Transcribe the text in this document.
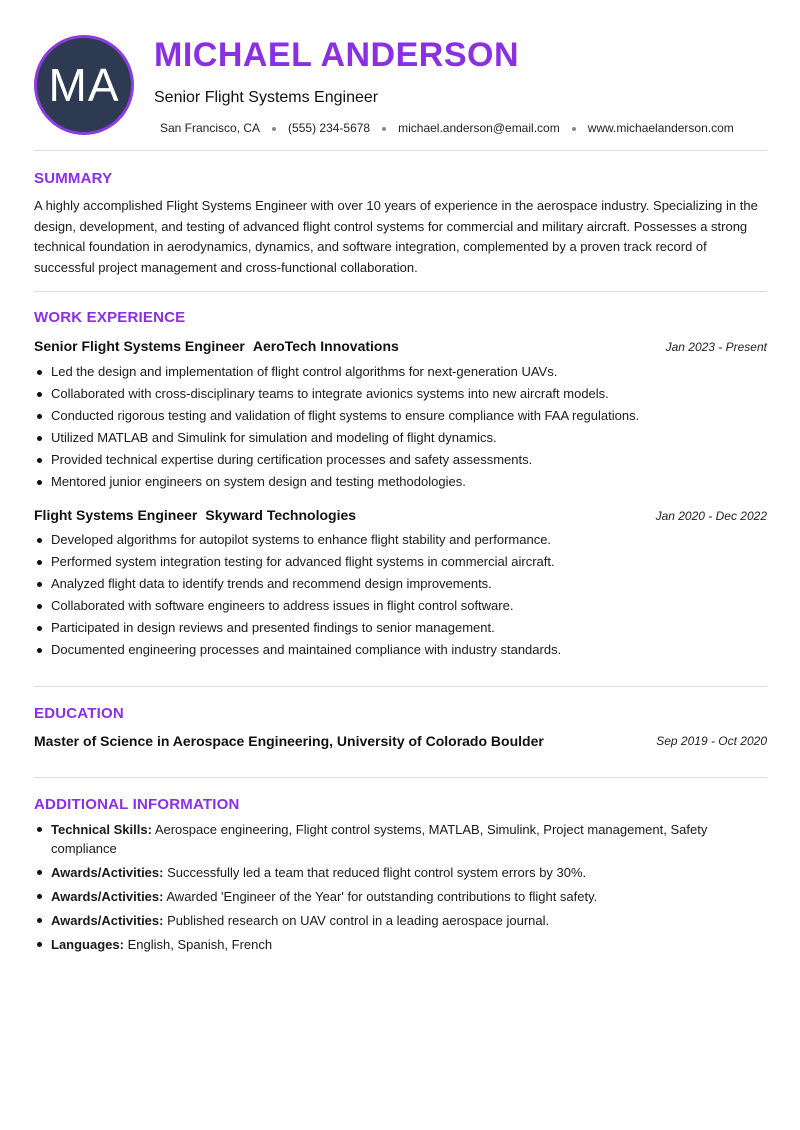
MA
MICHAEL ANDERSON
Senior Flight Systems Engineer
San Francisco, CA (555) 234-5678 michael.anderson@email.com www.michaelanderson.com
SUMMARY
A highly accomplished Flight Systems Engineer with over 10 years of experience in the aerospace industry. Specializing in the design, development, and testing of advanced flight control systems for commercial and military aircraft. Possesses a strong technical foundation in aerodynamics, dynamics, and software integration, complemented by a proven track record of successful project management and cross-functional collaboration.
WORK EXPERIENCE
Senior Flight Systems Engineer AeroTech Innovations	Jan 2023 - Present
Led the design and implementation of flight control algorithms for next-generation UAVs.
Collaborated with cross-disciplinary teams to integrate avionics systems into new aircraft models.
Conducted rigorous testing and validation of flight systems to ensure compliance with FAA regulations.
Utilized MATLAB and Simulink for simulation and modeling of flight dynamics.
Provided technical expertise during certification processes and safety assessments.
Mentored junior engineers on system design and testing methodologies.
Flight Systems Engineer Skyward Technologies	Jan 2020 - Dec 2022
Developed algorithms for autopilot systems to enhance flight stability and performance.
Performed system integration testing for advanced flight systems in commercial aircraft.
Analyzed flight data to identify trends and recommend design improvements.
Collaborated with software engineers to address issues in flight control software.
Participated in design reviews and presented findings to senior management.
Documented engineering processes and maintained compliance with industry standards.
EDUCATION
Master of Science in Aerospace Engineering, University of Colorado Boulder	Sep 2019 - Oct 2020
ADDITIONAL INFORMATION
Technical Skills: Aerospace engineering, Flight control systems, MATLAB, Simulink, Project management, Safety compliance
Awards/Activities: Successfully led a team that reduced flight control system errors by 30%.
Awards/Activities: Awarded 'Engineer of the Year' for outstanding contributions to flight safety.
Awards/Activities: Published research on UAV control in a leading aerospace journal.
Languages: English, Spanish, French
